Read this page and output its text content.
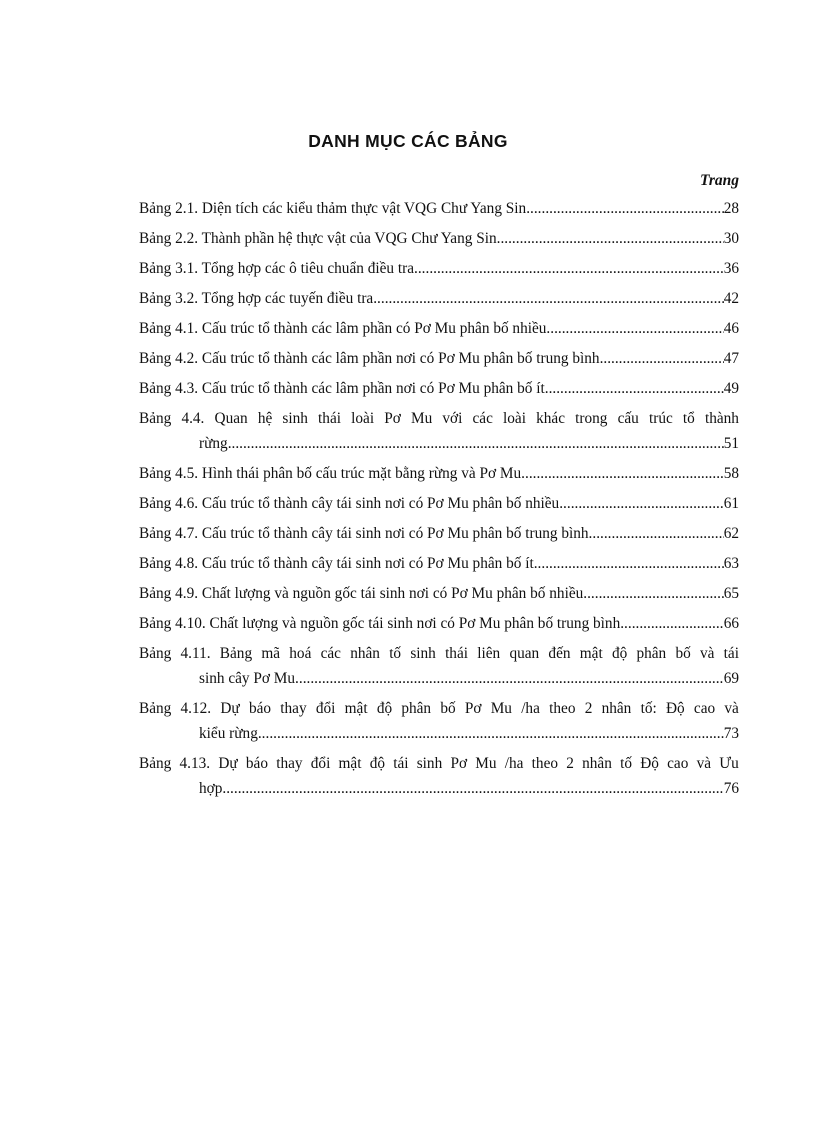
DANH MỤC CÁC BẢNG
Trang
Bảng 2.1. Diện tích các kiểu thảm thực vật VQG Chư Yang Sin .....	28
Bảng 2.2. Thành phần hệ thực vật của VQG Chư Yang Sin .....	30
Bảng 3.1. Tổng hợp các ô tiêu chuẩn điều tra .....	36
Bảng 3.2. Tổng hợp các tuyến điều tra .....	42
Bảng 4.1. Cấu trúc tổ thành các lâm phần có Pơ Mu phân bố nhiều .....	46
Bảng 4.2. Cấu trúc tổ thành các lâm phần nơi có Pơ Mu phân bố trung bình .....	47
Bảng 4.3. Cấu trúc tổ thành các lâm phần nơi có Pơ Mu phân bố ít .....	49
Bảng 4.4. Quan hệ sinh thái loài Pơ Mu với các loài khác trong cấu trúc tổ thành
rừng .....	51
Bảng 4.5. Hình thái phân bố cấu trúc mặt bằng rừng và Pơ Mu .....	58
Bảng 4.6. Cấu trúc tổ thành cây tái sinh nơi có Pơ Mu phân bố nhiều .....	61
Bảng 4.7. Cấu trúc tổ thành cây tái sinh nơi có Pơ Mu phân bố trung bình .....	62
Bảng 4.8. Cấu trúc tổ thành cây tái sinh nơi có Pơ Mu phân bố ít .....	63
Bảng 4.9. Chất lượng và nguồn gốc tái sinh nơi có Pơ Mu phân bố nhiều .....	65
Bảng 4.10. Chất lượng và nguồn gốc tái sinh nơi có Pơ Mu phân bố trung bình .....	66
Bảng 4.11. Bảng mã hoá các nhân tố sinh thái liên quan đến mật độ phân bố và tái
sinh cây Pơ Mu .....	69
Bảng 4.12. Dự báo thay đổi mật độ phân bố Pơ Mu /ha theo 2 nhân tố: Độ cao và
kiểu rừng .....	73
Bảng 4.13. Dự báo thay đổi mật độ tái sinh Pơ Mu /ha theo 2 nhân tố Độ cao và Ưu
hợp .....	76
